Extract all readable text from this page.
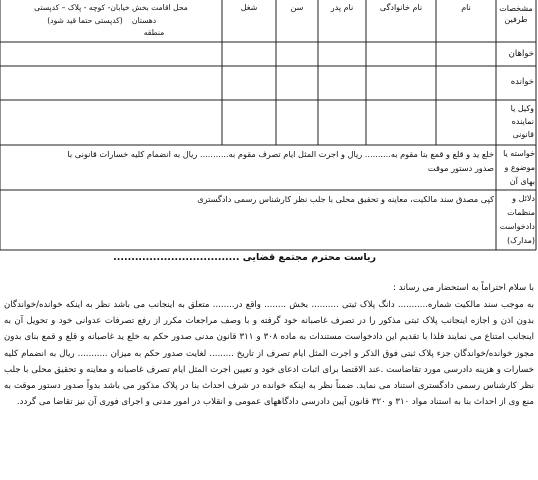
مشخصات طرفین
نام
نام خانوادگی
نام پدر
سن
شغل
محل اقامت بخش خیابان- کوچه - پلاک – کدپستی
دهستان
(کدپستی حتما قید شود)
منطقه
خواهان
خوانده
وکیل یا نماینده قانونی
خواسته یا موضوع و بهای آن
خلع ید و قلع و قمع بنا مقوم به.......... ریال و اجرت المثل ایام تصرف مقوم به........... ریال به انضمام کلیه خسارات قانونی با
صدور دستور موقت
دلائل و منظمات دادخواست (مدارک)
کپی مصدق سند مالکیت، معاینه و تحقیق محلی با جلب نظر کارشناس رسمی دادگستری
ریاست محترم مجتمع قضایی ...................................
با سلام احتراماً به استحضار می رساند :
به موجب سند مالکیت شماره........... دانگ پلاک ثبتی .......... بخش ........ واقع در........ متعلق به اینجانب می باشد نظر به اینکه خوانده/خواندگان بدون اذن و اجازه اینجانب پلاک ثبتی مذکور را در تصرف غاصبانه خود گرفته و با وصف مراجعات مکرر از رفع تصرفات عدوانی خود و تحویل آن به اینجانب امتناع می نمایند فلذا با تقدیم این دادخواست مستندات به ماده ۳۰۸ و ۳۱۱ قانون مدنی صدور حکم به خلع ید غاصبانه و قلع و قمع بنای بدون مجوز خوانده/خواندگان جزء پلاک ثبتی فوق الذکر و اجرت المثل ایام تصرف از تاریخ ......... لغایت صدور حکم به میزان ........... ریال به انضمام کلیه خسارات و هزینه دادرسی مورد تقاضاست .عند الاقتضا برای اثبات ادعای خود و تعیین اجرت المثل ایام تصرف غاصبانه و معاینه و تحقیق محلی با جلب نظر کارشناس رسمی دادگستری استناد می نماید. ضمناً نظر به اینکه خوانده در شرف احداث بنا در پلاک مذکور می باشد بدواً صدور دستور موقت به منع وی از احداث بنا به استناد مواد ۳۱۰ و ۳۲۰ قانون آیین دادرسی دادگاههای عمومی و انقلاب در امور مدنی و اجرای فوری آن نیز تقاضا می گردد.
